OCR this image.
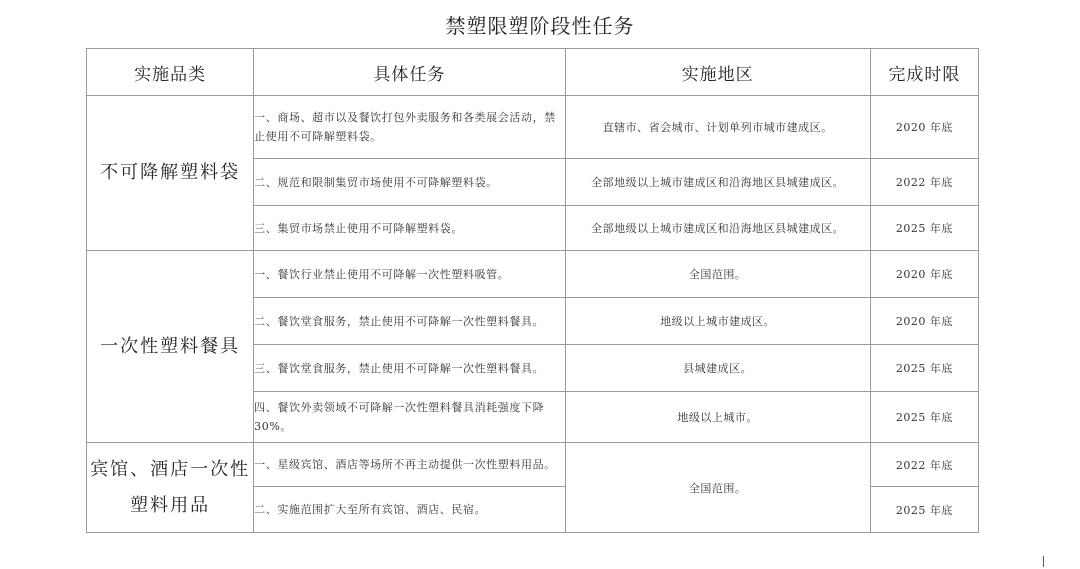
禁塑限塑阶段性任务
实施品类	具体任务	实施地区	完成时限
不可降解塑料袋	一、商场、超市以及餐饮打包外卖服务和各类展会活动，禁止使用不可降解塑料袋。	直辖市、省会城市、计划单列市城市建成区。	2020 年底
	二、规范和限制集贸市场使用不可降解塑料袋。	全部地级以上城市建成区和沿海地区县城建成区。	2022 年底
	三、集贸市场禁止使用不可降解塑料袋。	全部地级以上城市建成区和沿海地区县城建成区。	2025 年底
一次性塑料餐具	一、餐饮行业禁止使用不可降解一次性塑料吸管。	全国范围。	2020 年底
	二、餐饮堂食服务，禁止使用不可降解一次性塑料餐具。	地级以上城市建成区。	2020 年底
	三、餐饮堂食服务，禁止使用不可降解一次性塑料餐具。	县城建成区。	2025 年底
	四、餐饮外卖领域不可降解一次性塑料餐具消耗强度下降 30%。	地级以上城市。	2025 年底
宾馆、酒店一次性塑料用品	一、星级宾馆、酒店等场所不再主动提供一次性塑料用品。	全国范围。	2022 年底
	二、实施范围扩大至所有宾馆、酒店、民宿。		2025 年底
